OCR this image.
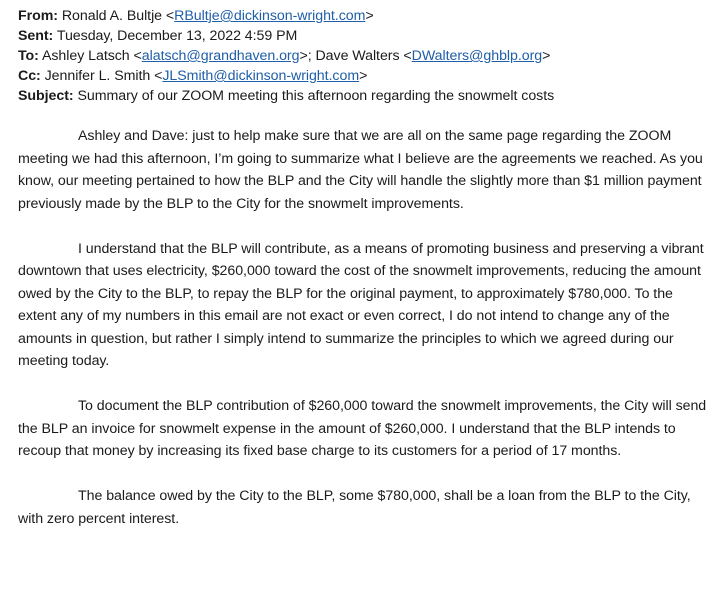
From: Ronald A. Bultje <RBultje@dickinson-wright.com>
Sent: Tuesday, December 13, 2022 4:59 PM
To: Ashley Latsch <alatsch@grandhaven.org>; Dave Walters <DWalters@ghblp.org>
Cc: Jennifer L. Smith <JLSmith@dickinson-wright.com>
Subject: Summary of our ZOOM meeting this afternoon regarding the snowmelt costs

Ashley and Dave: just to help make sure that we are all on the same page regarding the ZOOM meeting we had this afternoon, I’m going to summarize what I believe are the agreements we reached. As you know, our meeting pertained to how the BLP and the City will handle the slightly more than $1 million payment previously made by the BLP to the City for the snowmelt improvements.

I understand that the BLP will contribute, as a means of promoting business and preserving a vibrant downtown that uses electricity, $260,000 toward the cost of the snowmelt improvements, reducing the amount owed by the City to the BLP, to repay the BLP for the original payment, to approximately $780,000. To the extent any of my numbers in this email are not exact or even correct, I do not intend to change any of the amounts in question, but rather I simply intend to summarize the principles to which we agreed during our meeting today.

To document the BLP contribution of $260,000 toward the snowmelt improvements, the City will send the BLP an invoice for snowmelt expense in the amount of $260,000. I understand that the BLP intends to recoup that money by increasing its fixed base charge to its customers for a period of 17 months.

The balance owed by the City to the BLP, some $780,000, shall be a loan from the BLP to the City, with zero percent interest.
